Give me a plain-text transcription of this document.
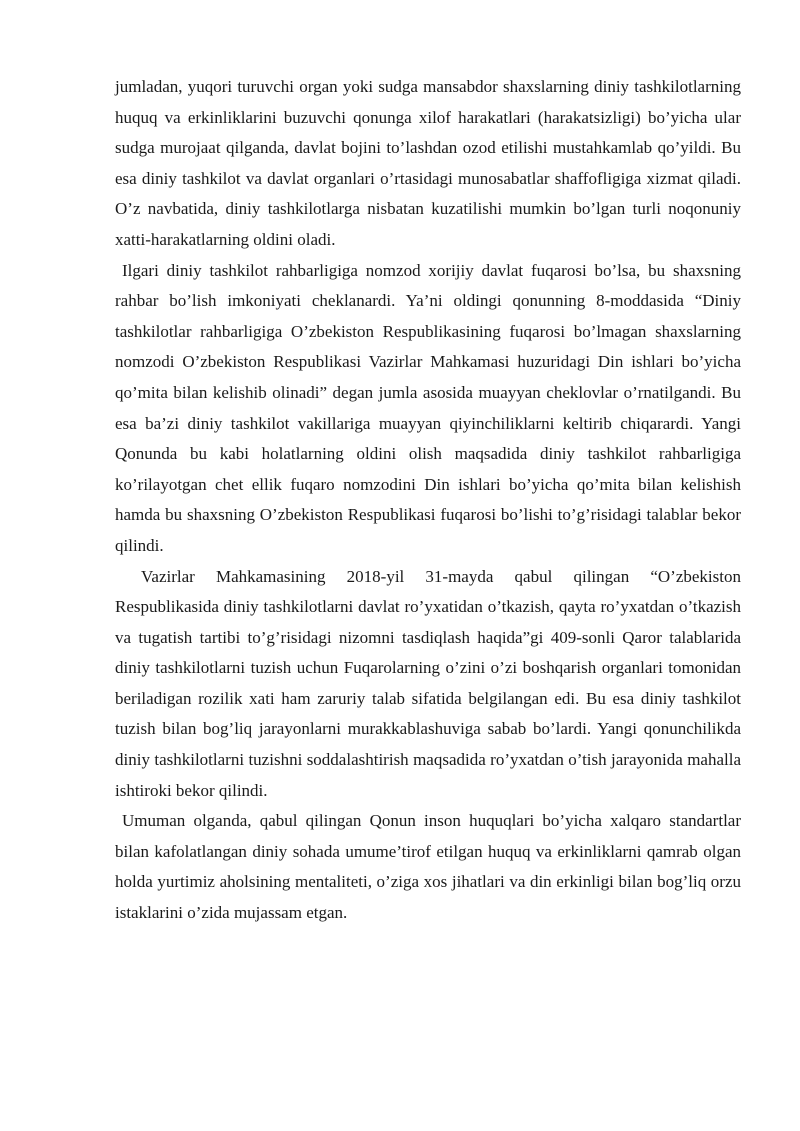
jumladan, yuqori turuvchi organ yoki sudga mansabdor shaxslarning diniy tashkilotlarning huquq va erkinliklarini buzuvchi qonunga xilof harakatlari (harakatsizligi) bo’yicha ular sudga murojaat qilganda, davlat bojini to’lashdan ozod etilishi mustahkamlab qo’yildi. Bu esa diniy tashkilot va davlat organlari o’rtasidagi munosabatlar shaffofligiga xizmat qiladi. O’z navbatida, diniy tashkilotlarga nisbatan kuzatilishi mumkin bo’lgan turli noqonuniy xatti-harakatlarning oldini oladi.

Ilgari diniy tashkilot rahbarligiga nomzod xorijiy davlat fuqarosi bo’lsa, bu shaxsning rahbar bo’lish imkoniyati cheklanardi. Ya’ni oldingi qonunning 8-moddasida “Diniy tashkilotlar rahbarligiga O’zbekiston Respublikasining fuqarosi bo’lmagan shaxslarning nomzodi O’zbekiston Respublikasi Vazirlar Mahkamasi huzuridagi Din ishlari bo’yicha qo’mita bilan kelishib olinadi” degan jumla asosida muayyan cheklovlar o’rnatilgandi. Bu esa ba’zi diniy tashkilot vakillariga muayyan qiyinchiliklarni keltirib chiqarardi. Yangi Qonunda bu kabi holatlarning oldini olish maqsadida diniy tashkilot rahbarligiga ko’rilayotgan chet ellik fuqaro nomzodini Din ishlari bo’yicha qo’mita bilan kelishish hamda bu shaxsning O’zbekiston Respublikasi fuqarosi bo’lishi to’g’risidagi talablar bekor qilindi.

Vazirlar Mahkamasining 2018-yil 31-mayda qabul qilingan “O’zbekiston Respublikasida diniy tashkilotlarni davlat ro’yxatidan o’tkazish, qayta ro’yxatdan o’tkazish va tugatish tartibi to’g’risidagi nizomni tasdiqlash haqida”gi 409-sonli Qaror talablarida diniy tashkilotlarni tuzish uchun Fuqarolarning o’zini o’zi boshqarish organlari tomonidan beriladigan rozilik xati ham zaruriy talab sifatida belgilangan edi. Bu esa diniy tashkilot tuzish bilan bog’liq jarayonlarni murakkablashuviga sabab bo’lardi. Yangi qonunchilikda diniy tashkilotlarni tuzishni soddalashtirish maqsadida ro’yxatdan o’tish jarayonida mahalla ishtiroki bekor qilindi.

Umuman olganda, qabul qilingan Qonun inson huquqlari bo’yicha xalqaro standartlar bilan kafolatlangan diniy sohada umume’tirof etilgan huquq va erkinliklarni qamrab olgan holda yurtimiz aholsining mentaliteti, o’ziga xos jihatlari va din erkinligi bilan bog’liq orzu istaklarini o’zida mujassam etgan.
